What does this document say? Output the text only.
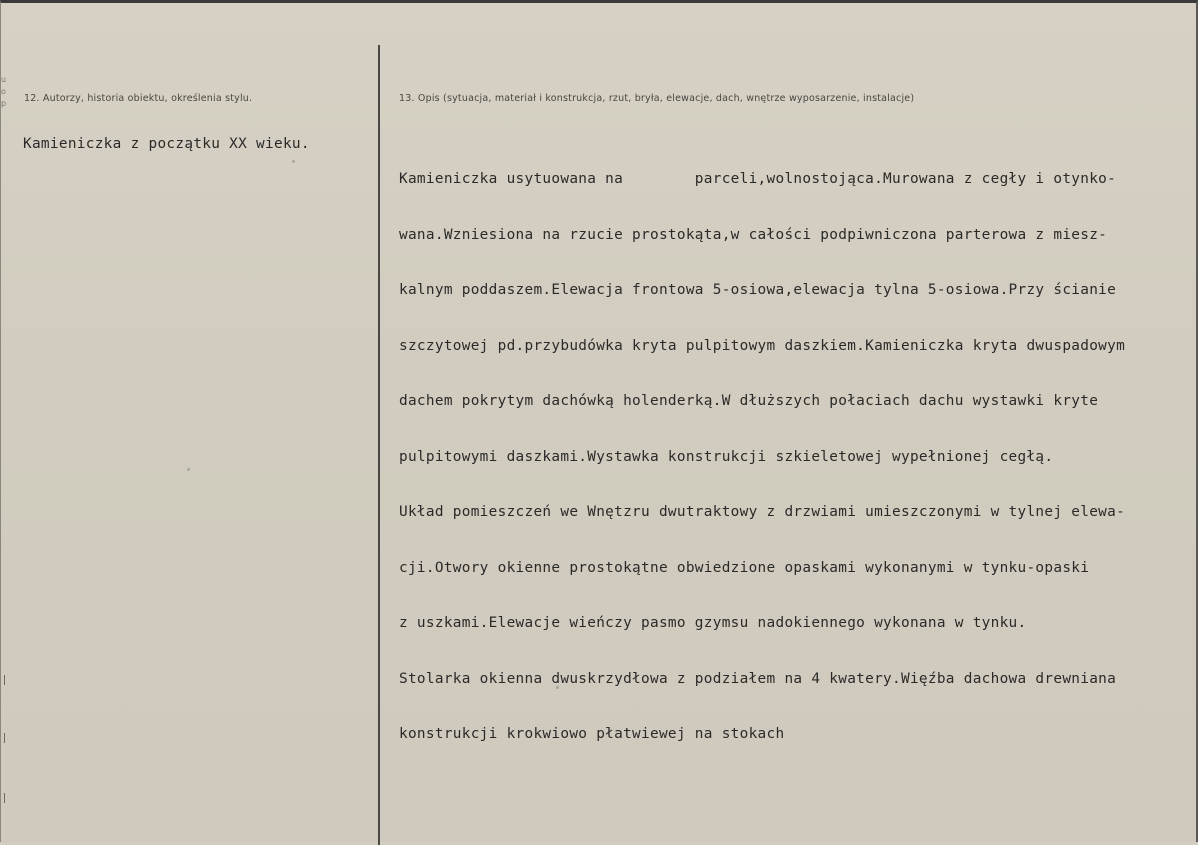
u
o
p 12. Autorzy, historia obiektu, określenia stylu.
Kamieniczka z początku XX wieku.
13. Opis (sytuacja, materiał i konstrukcja, rzut, bryła, elewacje, dach, wnętrze wyposarzenie, instalacje)

Kamieniczka usytuowana na        parceli,wolnostojąca.Murowana z cegły i otynko-

wana.Wzniesiona na rzucie prostokąta,w całości podpiwniczona parterowa z miesz-

kalnym poddaszem.Elewacja frontowa 5-osiowa,elewacja tylna 5-osiowa.Przy ścianie

szczytowej pd.przybudówka kryta pulpitowym daszkiem.Kamieniczka kryta dwuspadowym

dachem pokrytym dachówką holenderką.W dłuższych połaciach dachu wystawki kryte

pulpitowymi daszkami.Wystawka konstrukcji szkieletowej wypełnionej cegłą.

Układ pomieszczeń we Wnętzru dwutraktowy z drzwiami umieszczonymi w tylnej elewa-

cji.Otwory okienne prostokątne obwiedzione opaskami wykonanymi w tynku-opaski

z uszkami.Elewacje wieńczy pasmo gzymsu nadokiennego wykonana w tynku.

Stolarka okienna dwuskrzydłowa z podziałem na 4 kwatery.Więźba dachowa drewniana

konstrukcji krokwiowo płatwiewej na stokach
